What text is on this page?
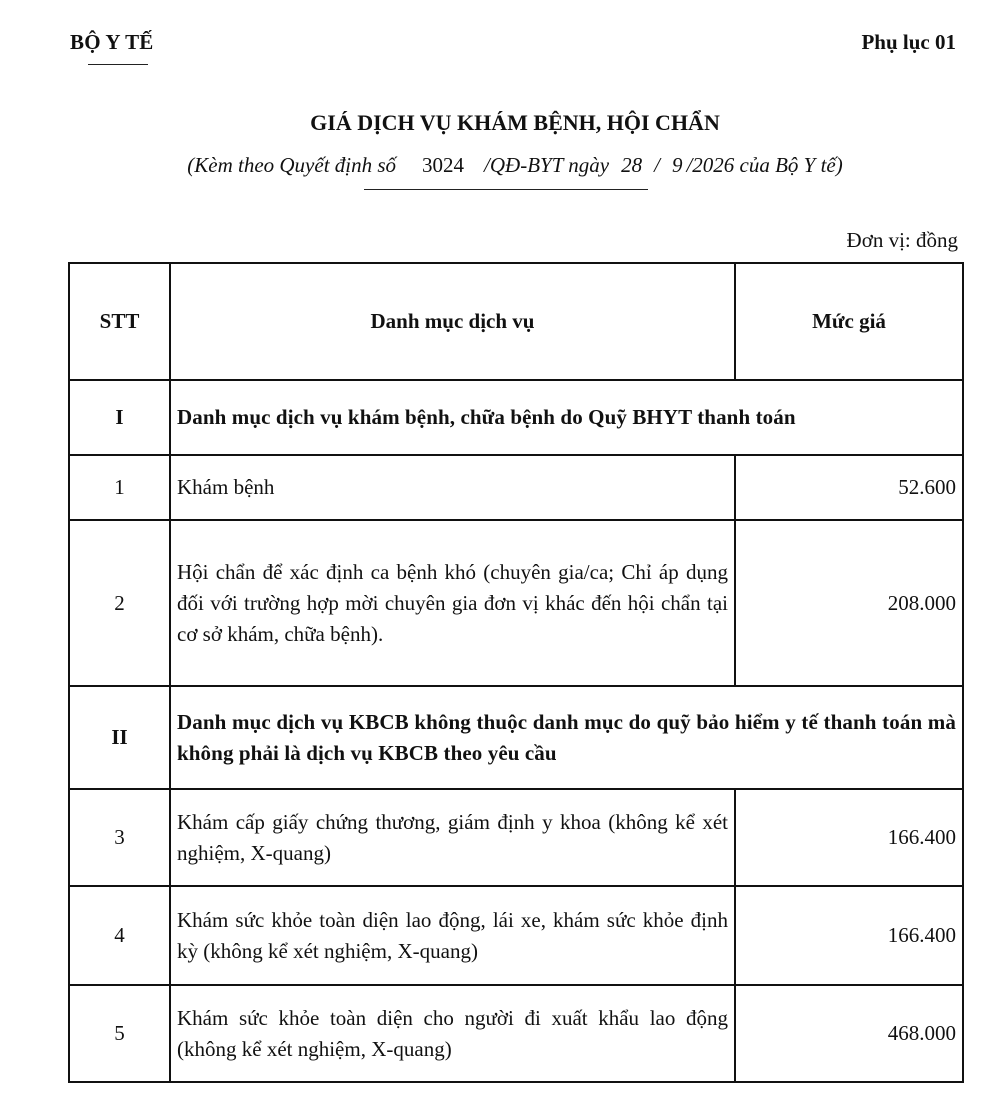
BỘ Y TẾ	Phụ lục 01
GIÁ DỊCH VỤ KHÁM BỆNH, HỘI CHẨN
(Kèm theo Quyết định số 3024 /QĐ-BYT ngày 28 / 9 /2026 của Bộ Y tế)
Đơn vị: đồng
STT	Danh mục dịch vụ	Mức giá
I	Danh mục dịch vụ khám bệnh, chữa bệnh do Quỹ BHYT thanh toán	
1	Khám bệnh	52.600
2	Hội chẩn để xác định ca bệnh khó (chuyên gia/ca; Chỉ áp dụng đối với trường hợp mời chuyên gia đơn vị khác đến hội chẩn tại cơ sở khám, chữa bệnh).	208.000
II	Danh mục dịch vụ KBCB không thuộc danh mục do quỹ bảo hiểm y tế thanh toán mà không phải là dịch vụ KBCB theo yêu cầu	
3	Khám cấp giấy chứng thương, giám định y khoa (không kể xét nghiệm, X-quang)	166.400
4	Khám sức khỏe toàn diện lao động, lái xe, khám sức khỏe định kỳ (không kể xét nghiệm, X-quang)	166.400
5	Khám sức khỏe toàn diện cho người đi xuất khẩu lao động (không kể xét nghiệm, X-quang)	468.000
